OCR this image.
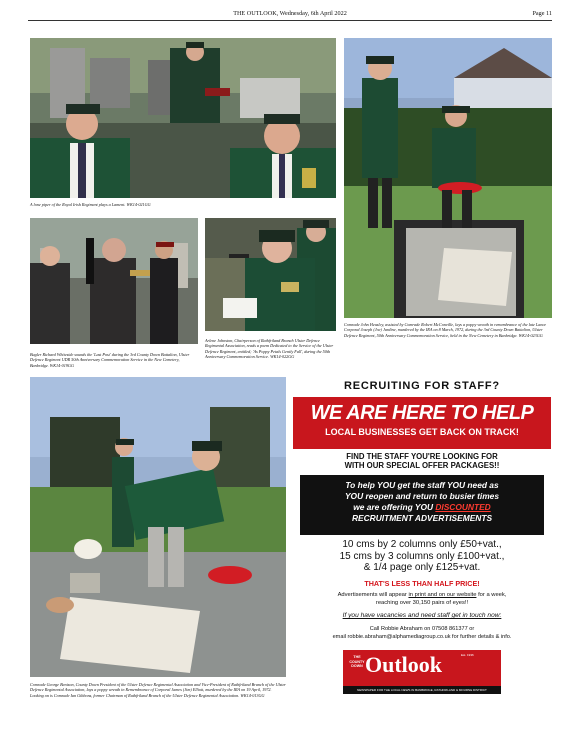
THE OUTLOOK, Wednesday, 6th April 2022	Page 11
A lone piper of the Royal Irish Regiment plays a Lament. WK14-021GG
Bugler Richard Whiteside sounds the 'Last Post' during the 3rd County Down Battalion, Ulster Defence Regiment UDR 50th Anniversary Commemoration Service in the New Cemetery, Banbridge. WK14-019GG
Arlene Johnston, Chairperson of Rathfriland Branch Ulster Defence Regimental Association, reads a poem Dedicated to the Service of the Ulster Defence Regiment, entitled; 'As Poppy Petals Gently Fall', during the 50th Anniversary Commemoration Service. WK14-022GG
Comrade John Heasley, assisted by Comrade Robert McConville, lays a poppy wreath in remembrance of the late Lance Corporal Joseph (Joe) Jardine, murdered by the IRA on 8 March, 1972, during the 3rd County Down Battalion, Ulster Defence Regiment, 50th Anniversary Commemoration Service, held in the New Cemetery in Banbridge. WK14-023GG
Comrade George Benison, County Down President of the Ulster Defence Regimental Association and Vice-President of Rathfriland Branch of the Ulster Defence Regimental Association, lays a poppy wreath in Remembrance of Corporal James (Jim) Elliott, murdered by the IRA on 19 April, 1972. Looking on is Comrade Ian Gibbons, former Chairman of Rathfriland Branch of the Ulster Defence Regimental Association. WK14-013GG
RECRUITING FOR STAFF?
WE ARE HERE TO HELP
LOCAL BUSINESSES GET BACK ON TRACK!
FIND THE STAFF YOU'RE LOOKING FOR
WITH OUR SPECIAL OFFER PACKAGES!!
To help YOU get the staff YOU need as
YOU reopen and return to busier times
we are offering YOU DISCOUNTED
RECRUITMENT ADVERTISEMENTS
10 cms by 2 columns only £50+vat.,
15 cms by 3 columns only £100+vat.,
& 1/4 page only £125+vat.
THAT'S LESS THAN HALF PRICE!
Advertisements will appear in print and on our website for a week,
reaching over 30,150 pairs of eyes!!
If you have vacancies and need staff get in touch now:
Call Robbie Abraham on 07508 861377 or
email robbie.abraham@alphamediagroup.co.uk for further details & info.
THE COUNTY DOWN Outlook	Est. 1936
NEWSPAPER FOR THE LOCAL NEWS IN BANBRIDGE, RATHFRILAND & MOURNE DISTRICT
